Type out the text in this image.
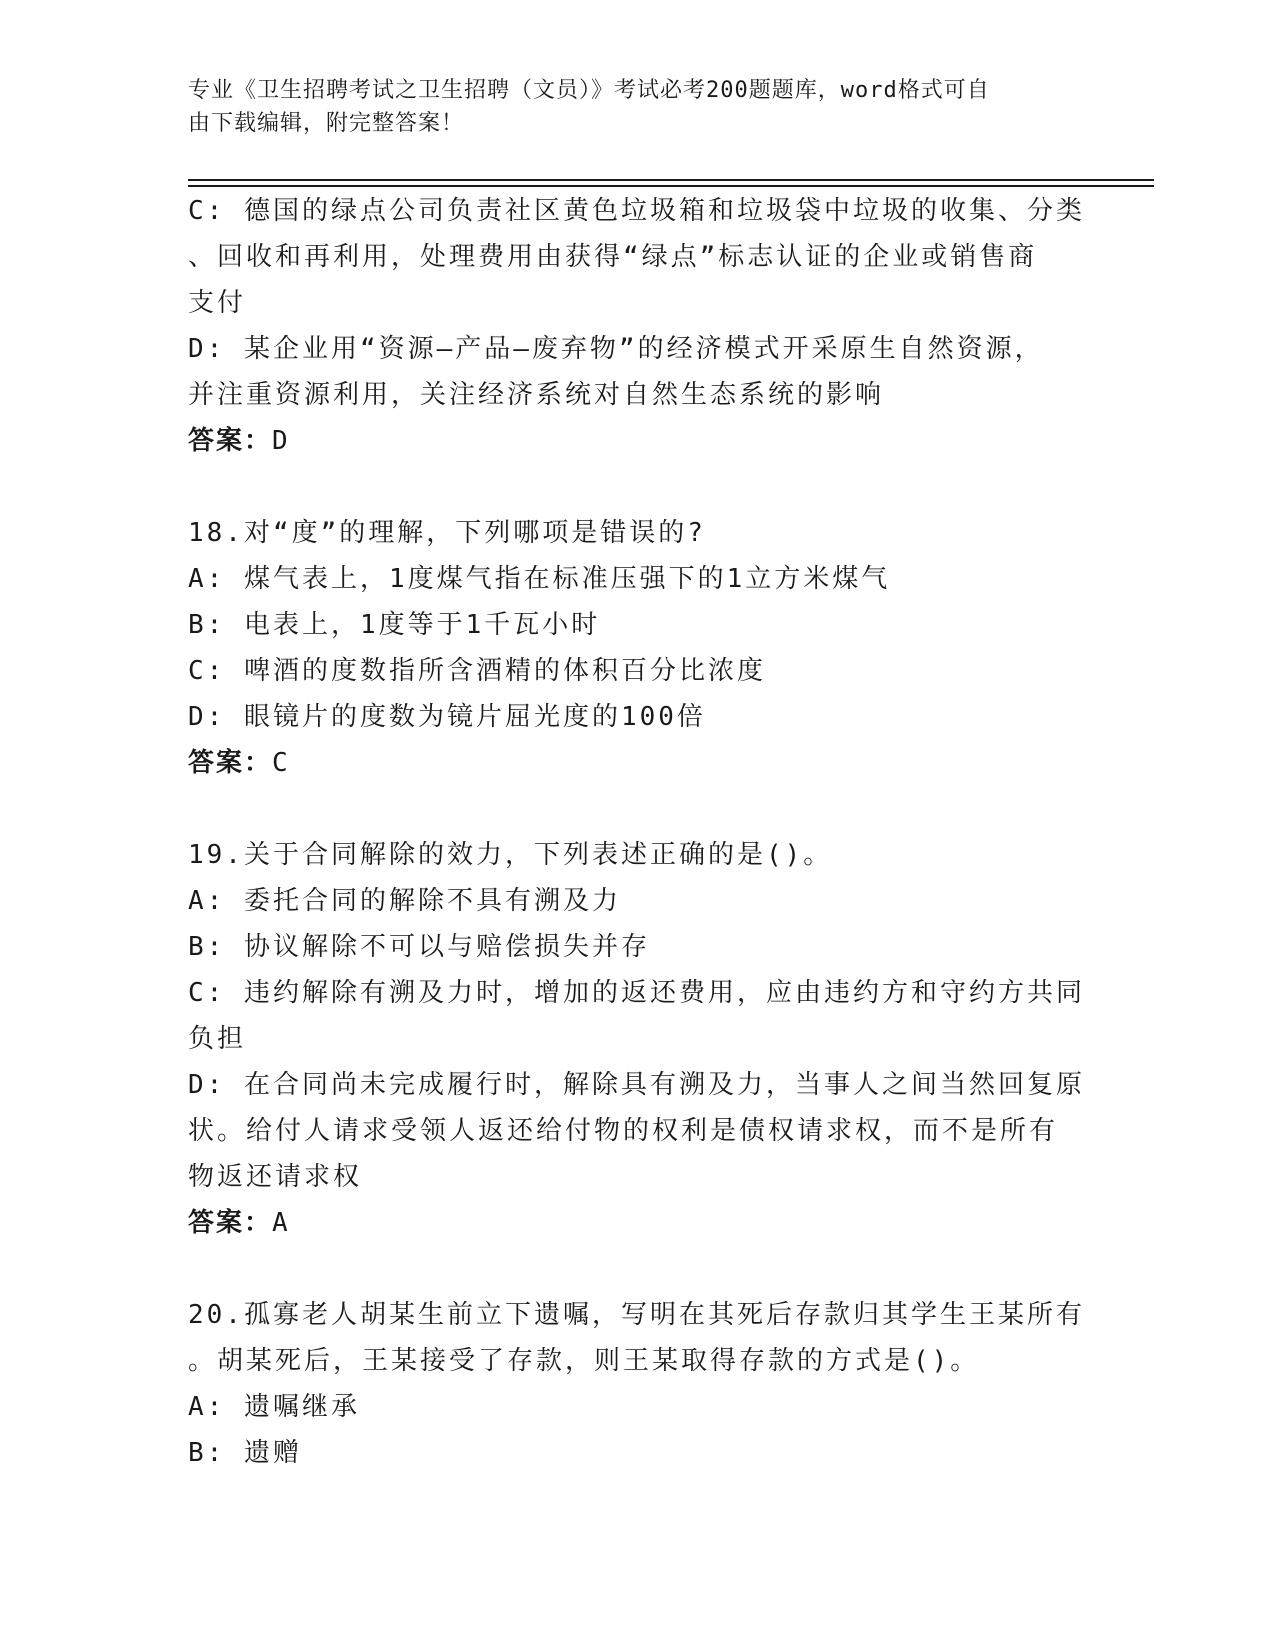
专业《卫生招聘考试之卫生招聘（文员）》考试必考200题题库，word格式可自
由下载编辑，附完整答案！
C: 德国的绿点公司负责社区黄色垃圾箱和垃圾袋中垃圾的收集、分类
、回收和再利用，处理费用由获得“绿点”标志认证的企业或销售商
支付
D: 某企业用“资源—产品—废弃物”的经济模式开采原生自然资源，
并注重资源利用，关注经济系统对自然生态系统的影响
答案：D
18.对“度”的理解，下列哪项是错误的?
A: 煤气表上，1度煤气指在标准压强下的1立方米煤气
B: 电表上，1度等于1千瓦小时
C: 啤酒的度数指所含酒精的体积百分比浓度
D: 眼镜片的度数为镜片屈光度的100倍
答案：C
19.关于合同解除的效力，下列表述正确的是()。
A: 委托合同的解除不具有溯及力
B: 协议解除不可以与赔偿损失并存
C: 违约解除有溯及力时，增加的返还费用，应由违约方和守约方共同
负担
D: 在合同尚未完成履行时，解除具有溯及力，当事人之间当然回复原
状。给付人请求受领人返还给付物的权利是债权请求权，而不是所有
物返还请求权
答案：A
20.孤寡老人胡某生前立下遗嘱，写明在其死后存款归其学生王某所有
。胡某死后，王某接受了存款，则王某取得存款的方式是()。
A: 遗嘱继承
B: 遗赠
